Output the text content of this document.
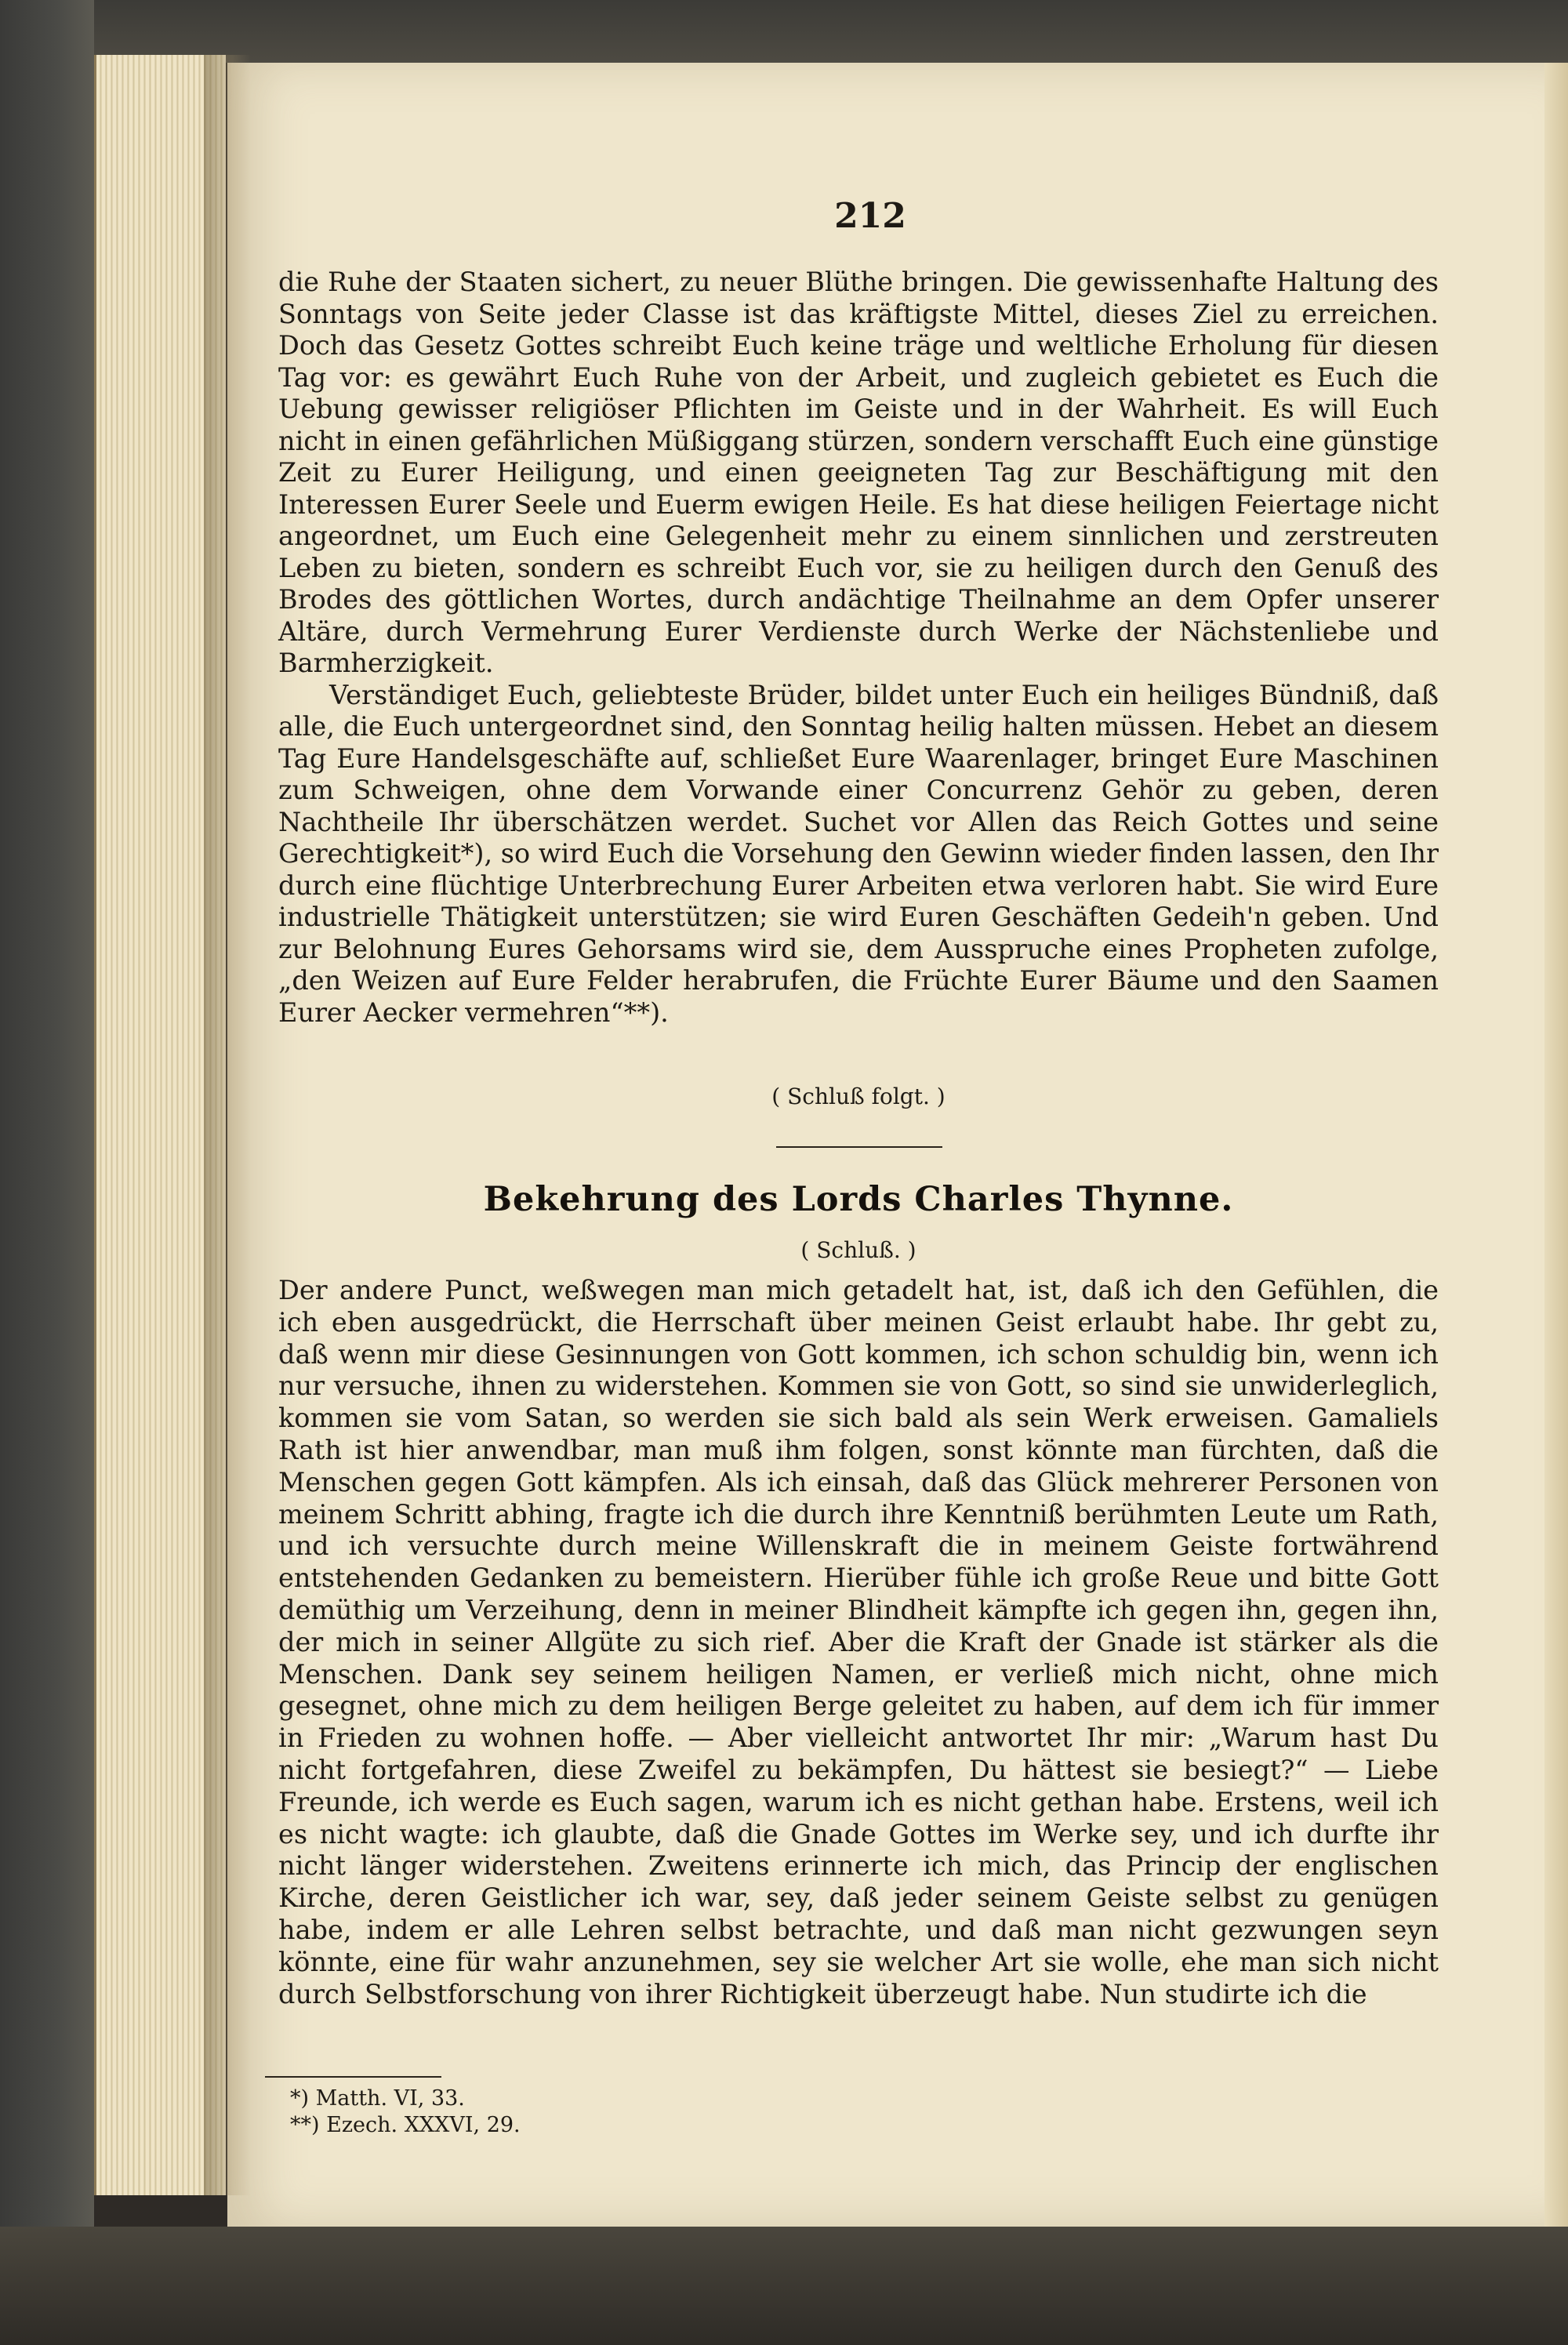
212

die Ruhe der Staaten sichert, zu neuer Blüthe bringen. Die gewissenhafte Haltung des Sonntags von Seite jeder Classe ist das kräftigste Mittel, dieses Ziel zu erreichen. Doch das Gesetz Gottes schreibt Euch keine träge und weltliche Erholung für diesen Tag vor: es gewährt Euch Ruhe von der Arbeit, und zugleich gebietet es Euch die Uebung gewisser religiöser Pflichten im Geiste und in der Wahrheit. Es will Euch nicht in einen gefährlichen Müßiggang stürzen, sondern verschafft Euch eine günstige Zeit zu Eurer Heiligung, und einen geeigneten Tag zur Beschäftigung mit den Interessen Eurer Seele und Euerm ewigen Heile. Es hat diese heiligen Feiertage nicht angeordnet, um Euch eine Gelegenheit mehr zu einem sinnlichen und zerstreuten Leben zu bieten, sondern es schreibt Euch vor, sie zu heiligen durch den Genuß des Brodes des göttlichen Wortes, durch andächtige Theilnahme an dem Opfer unserer Altäre, durch Vermehrung Eurer Verdienste durch Werke der Nächstenliebe und Barmherzigkeit.

Verständiget Euch, geliebteste Brüder, bildet unter Euch ein heiliges Bündniß, daß alle, die Euch untergeordnet sind, den Sonntag heilig halten müssen. Hebet an diesem Tag Eure Handelsgeschäfte auf, schließet Eure Waarenlager, bringet Eure Maschinen zum Schweigen, ohne dem Vorwande einer Concurrenz Gehör zu geben, deren Nachtheile Ihr überschätzen werdet. Suchet vor Allen das Reich Gottes und seine Gerechtigkeit*), so wird Euch die Vorsehung den Gewinn wieder finden lassen, den Ihr durch eine flüchtige Unterbrechung Eurer Arbeiten etwa verloren habt. Sie wird Eure industrielle Thätigkeit unterstützen; sie wird Euren Geschäften Gedeih'n geben. Und zur Belohnung Eures Gehorsams wird sie, dem Ausspruche eines Propheten zufolge, „den Weizen auf Eure Felder herabrufen, die Früchte Eurer Bäume und den Saamen Eurer Aecker vermehren“**).

( Schluß folgt. )
Bekehrung des Lords Charles Thynne.
( Schluß. )

Der andere Punct, weßwegen man mich getadelt hat, ist, daß ich den Gefühlen, die ich eben ausgedrückt, die Herrschaft über meinen Geist erlaubt habe. Ihr gebt zu, daß wenn mir diese Gesinnungen von Gott kommen, ich schon schuldig bin, wenn ich nur versuche, ihnen zu widerstehen. Kommen sie von Gott, so sind sie unwiderleglich, kommen sie vom Satan, so werden sie sich bald als sein Werk erweisen. Gamaliels Rath ist hier anwendbar, man muß ihm folgen, sonst könnte man fürchten, daß die Menschen gegen Gott kämpfen. Als ich einsah, daß das Glück mehrerer Personen von meinem Schritt abhing, fragte ich die durch ihre Kenntniß berühmten Leute um Rath, und ich versuchte durch meine Willenskraft die in meinem Geiste fortwährend entstehenden Gedanken zu bemeistern. Hierüber fühle ich große Reue und bitte Gott demüthig um Verzeihung, denn in meiner Blindheit kämpfte ich gegen ihn, gegen ihn, der mich in seiner Allgüte zu sich rief. Aber die Kraft der Gnade ist stärker als die Menschen. Dank sey seinem heiligen Namen, er verließ mich nicht, ohne mich gesegnet, ohne mich zu dem heiligen Berge geleitet zu haben, auf dem ich für immer in Frieden zu wohnen hoffe. — Aber vielleicht antwortet Ihr mir: „Warum hast Du nicht fortgefahren, diese Zweifel zu bekämpfen, Du hättest sie besiegt?“ — Liebe Freunde, ich werde es Euch sagen, warum ich es nicht gethan habe. Erstens, weil ich es nicht wagte: ich glaubte, daß die Gnade Gottes im Werke sey, und ich durfte ihr nicht länger widerstehen. Zweitens erinnerte ich mich, das Princip der englischen Kirche, deren Geistlicher ich war, sey, daß jeder seinem Geiste selbst zu genügen habe, indem er alle Lehren selbst betrachte, und daß man nicht gezwungen seyn könnte, eine für wahr anzunehmen, sey sie welcher Art sie wolle, ehe man sich nicht durch Selbstforschung von ihrer Richtigkeit überzeugt habe. Nun studirte ich die

*) Matth. VI, 33.
**) Ezech. XXXVI, 29.
